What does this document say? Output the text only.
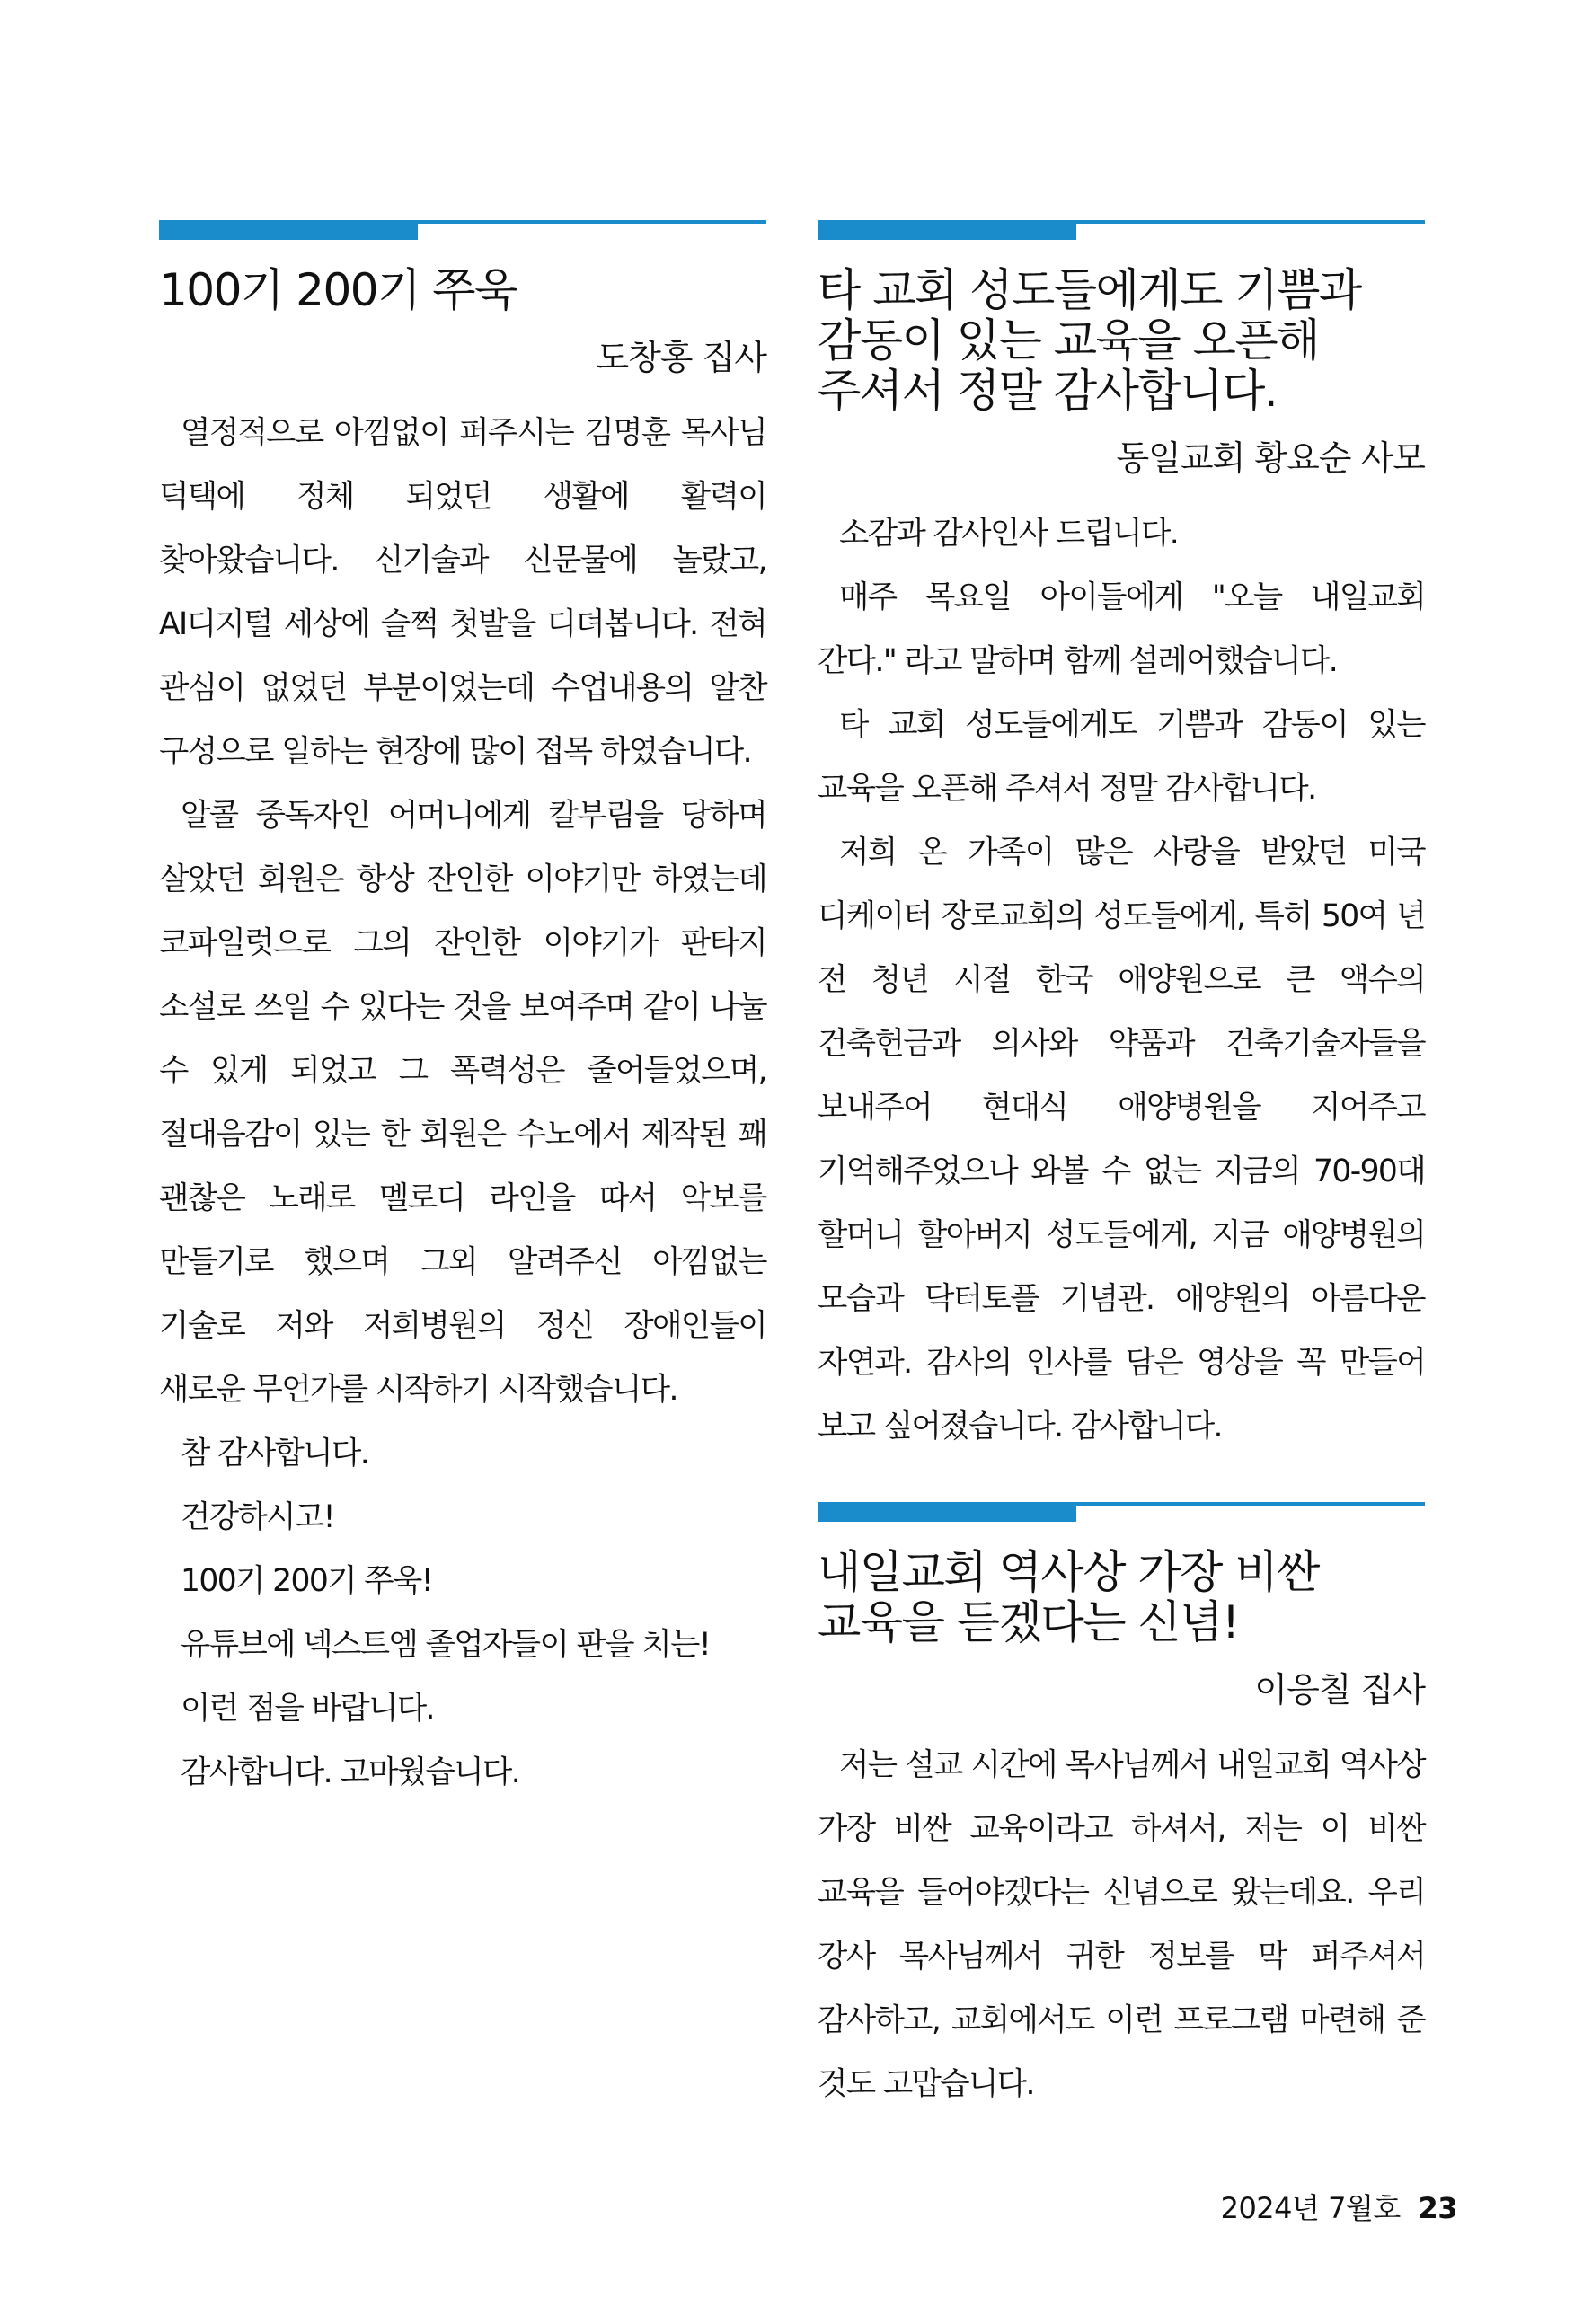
100기 200기 쭈욱
도창홍 집사

열정적으로 아낌없이 퍼주시는 김명훈 목사님 덕택에 정체 되었던 생활에 활력이 찾아왔습니다. 신기술과 신문물에 놀랐고, AI디지털 세상에 슬쩍 첫발을 디뎌봅니다. 전혀 관심이 없었던 부분이었는데 수업내용의 알찬 구성으로 일하는 현장에 많이 접목 하였습니다.

알콜 중독자인 어머니에게 칼부림을 당하며 살았던 회원은 항상 잔인한 이야기만 하였는데 코파일럿으로 그의 잔인한 이야기가 판타지 소설로 쓰일 수 있다는 것을 보여주며 같이 나눌 수 있게 되었고 그 폭력성은 줄어들었으며, 절대음감이 있는 한 회원은 수노에서 제작된 꽤 괜찮은 노래로 멜로디 라인을 따서 악보를 만들기로 했으며 그외 알려주신 아낌없는 기술로 저와 저희병원의 정신 장애인들이 새로운 무언가를 시작하기 시작했습니다.

참 감사합니다.

건강하시고!

100기 200기 쭈욱!

유튜브에 넥스트엠 졸업자들이 판을 치는!

이런 점을 바랍니다.

감사합니다. 고마웠습니다.

타 교회 성도들에게도 기쁨과
감동이 있는 교육을 오픈해
주셔서 정말 감사합니다.
동일교회 황요순 사모

소감과 감사인사 드립니다.

매주 목요일 아이들에게 "오늘 내일교회 간다." 라고 말하며 함께 설레어했습니다.

타 교회 성도들에게도 기쁨과 감동이 있는 교육을 오픈해 주셔서 정말 감사합니다.

저희 온 가족이 많은 사랑을 받았던 미국 디케이터 장로교회의 성도들에게, 특히 50여 년 전 청년 시절 한국 애양원으로 큰 액수의 건축헌금과 의사와 약품과 건축기술자들을 보내주어 현대식 애양병원을 지어주고 기억해주었으나 와볼 수 없는 지금의 70-90대 할머니 할아버지 성도들에게, 지금 애양병원의 모습과 닥터토플 기념관. 애양원의 아름다운 자연과. 감사의 인사를 담은 영상을 꼭 만들어 보고 싶어졌습니다. 감사합니다.

내일교회 역사상 가장 비싼
교육을 듣겠다는 신념!
이응칠 집사

저는 설교 시간에 목사님께서 내일교회 역사상 가장 비싼 교육이라고 하셔서, 저는 이 비싼 교육을 들어야겠다는 신념으로 왔는데요. 우리 강사 목사님께서 귀한 정보를 막 퍼주셔서 감사하고, 교회에서도 이런 프로그램 마련해 준 것도 고맙습니다.

2024년 7월호 23
